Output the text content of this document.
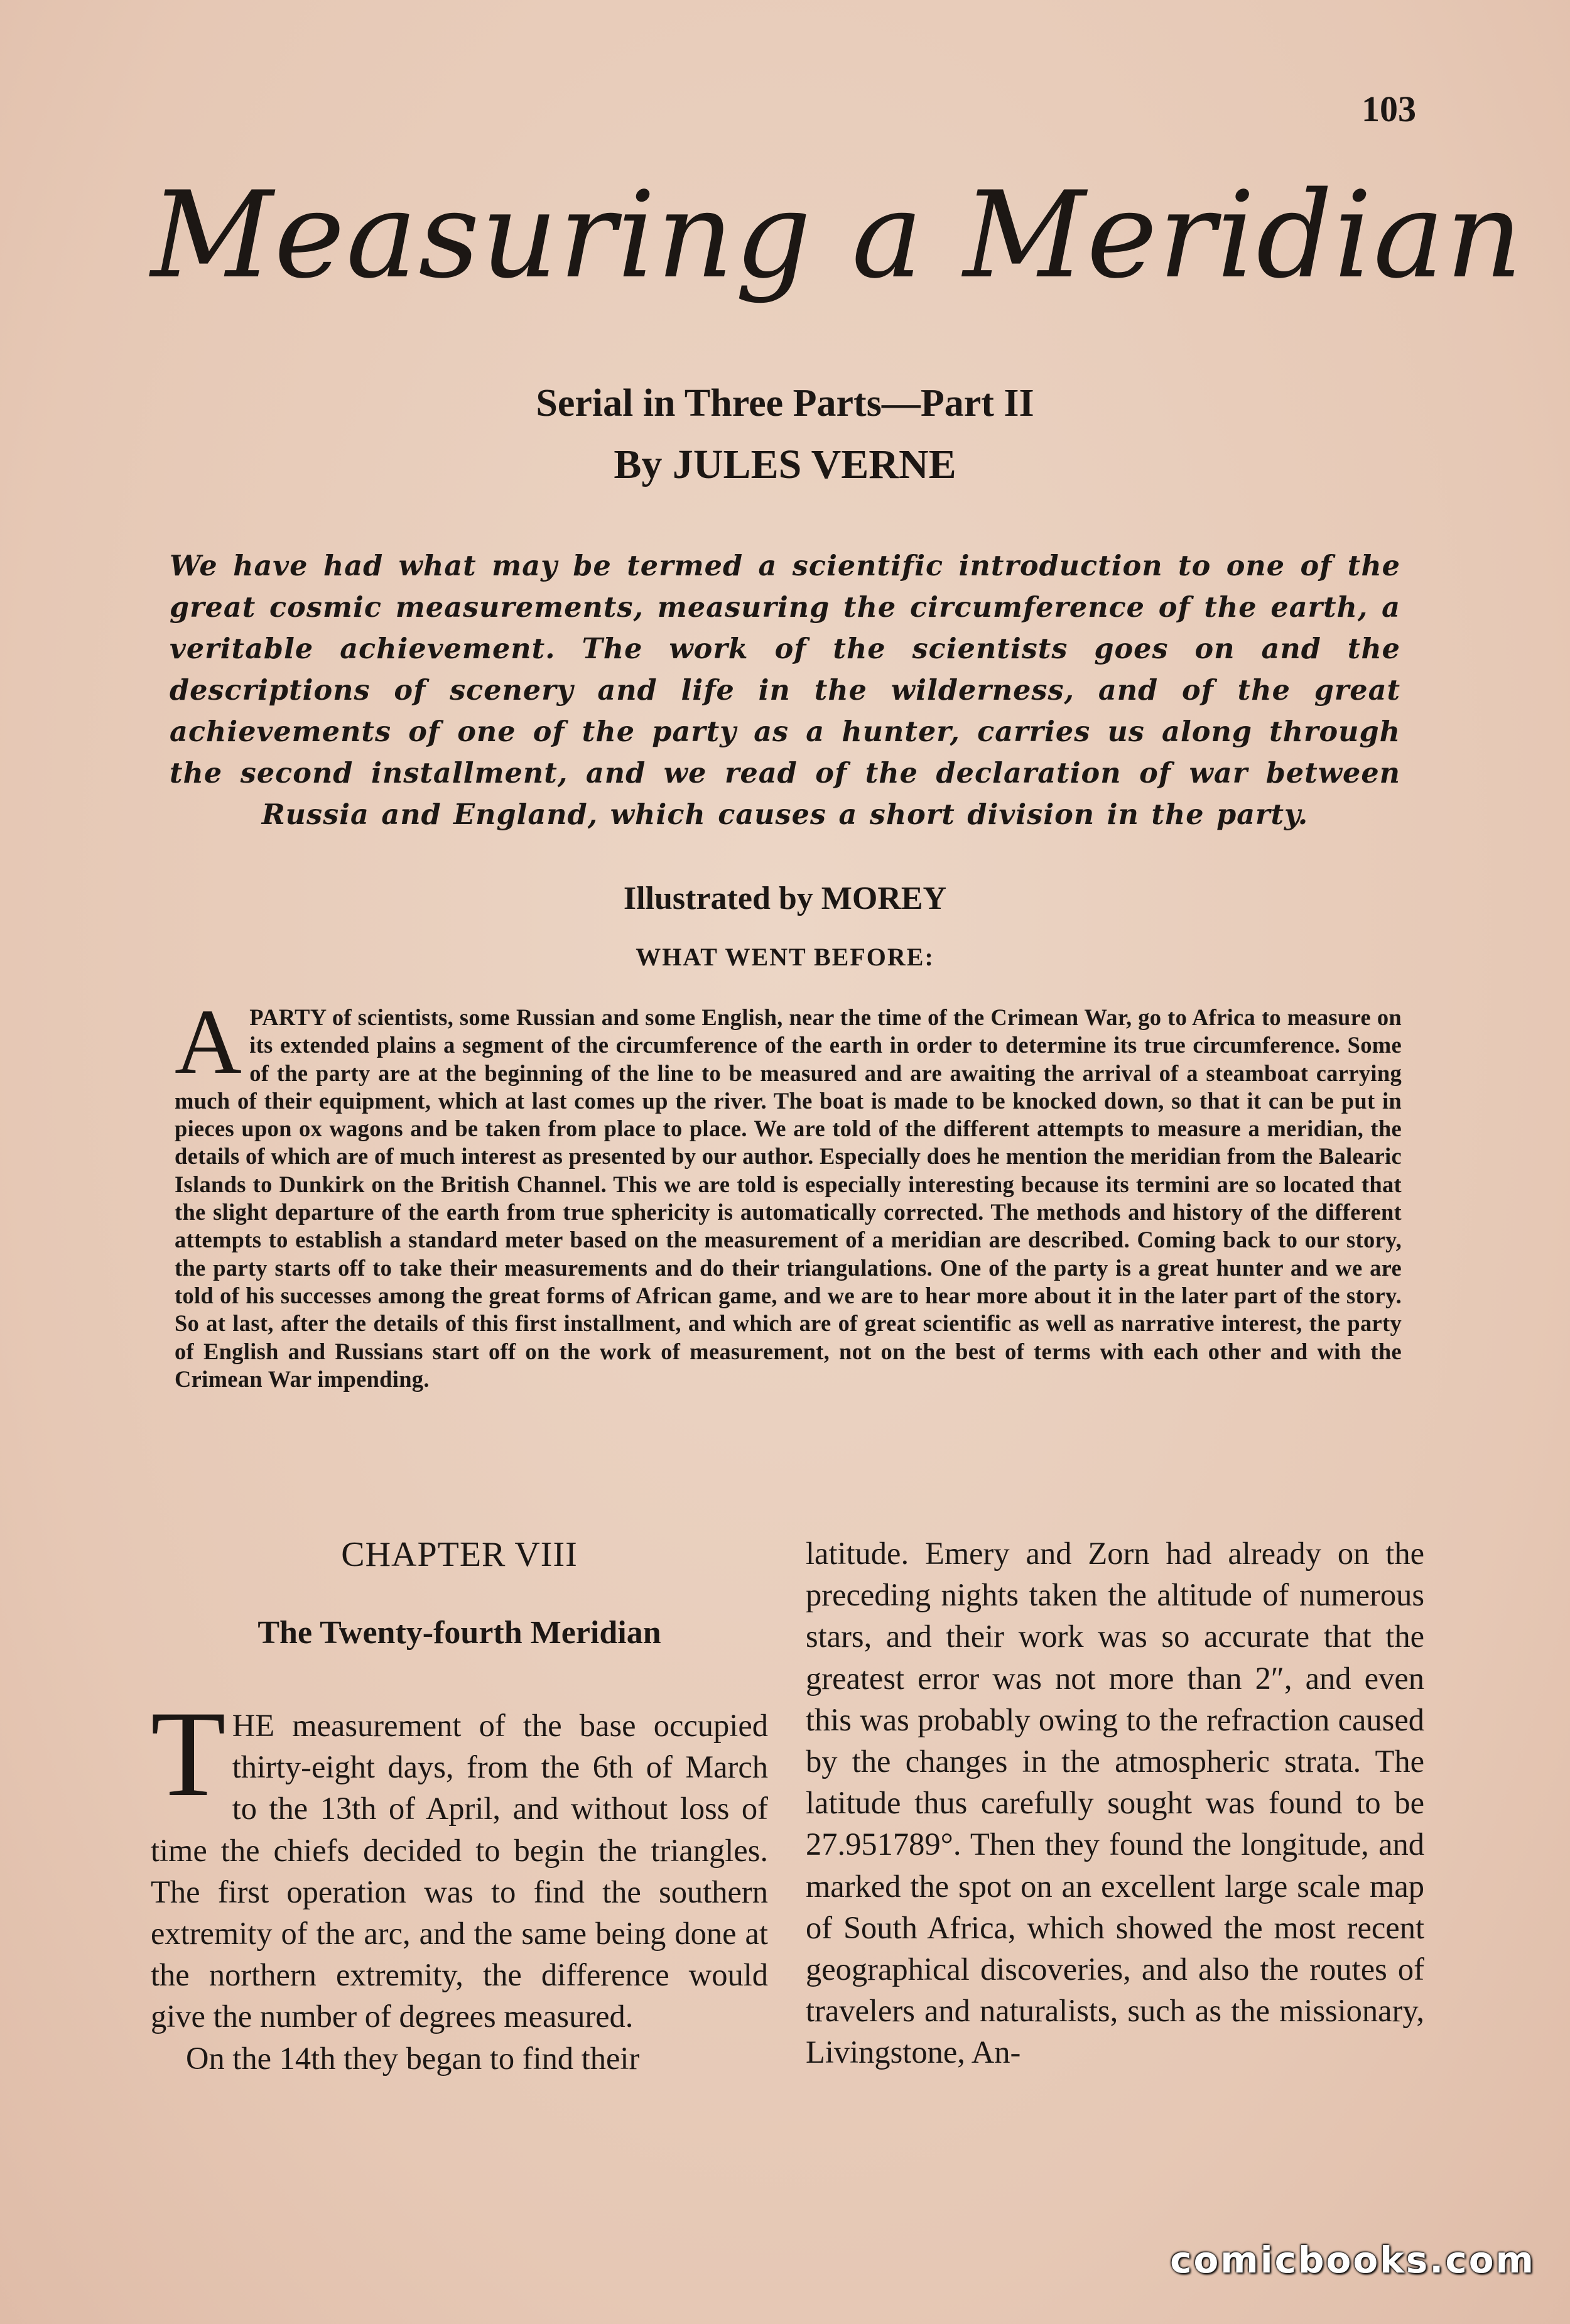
103
Measuring a Meridian
Serial in Three Parts—Part II
By JULES VERNE
We have had what may be termed a scientific introduction to one of the great cosmic measurements, measuring the circumference of the earth, a veritable achievement. The work of the scientists goes on and the descriptions of scenery and life in the wilderness, and of the great achievements of one of the party as a hunter, carries us along through the second installment, and we read of the declaration of war between Russia and England, which causes a short division in the party.
Illustrated by MOREY
WHAT WENT BEFORE:
APARTY of scientists, some Russian and some English, near the time of the Crimean War, go to Africa to measure on its extended plains a segment of the circumference of the earth in order to determine its true circumference. Some of the party are at the beginning of the line to be measured and are awaiting the arrival of a steamboat carrying much of their equipment, which at last comes up the river. The boat is made to be knocked down, so that it can be put in pieces upon ox wagons and be taken from place to place. We are told of the different attempts to measure a meridian, the details of which are of much interest as presented by our author. Especially does he mention the meridian from the Balearic Islands to Dunkirk on the British Channel. This we are told is especially interesting because its termini are so located that the slight departure of the earth from true sphericity is automatically corrected. The methods and history of the different attempts to establish a standard meter based on the measurement of a meridian are described. Coming back to our story, the party starts off to take their measurements and do their triangulations. One of the party is a great hunter and we are told of his successes among the great forms of African game, and we are to hear more about it in the later part of the story. So at last, after the details of this first installment, and which are of great scientific as well as narrative interest, the party of English and Russians start off on the work of measurement, not on the best of terms with each other and with the Crimean War impending.
CHAPTER VIII
The Twenty-fourth Meridian

THE measurement of the base occupied thirty-eight days, from the 6th of March to the 13th of April, and without loss of time the chiefs decided to begin the triangles. The first operation was to find the southern extremity of the arc, and the same being done at the northern extremity, the difference would give the number of degrees measured.

On the 14th they began to find their

latitude. Emery and Zorn had already on the preceding nights taken the altitude of numerous stars, and their work was so accurate that the greatest error was not more than 2″, and even this was probably owing to the refraction caused by the changes in the atmospheric strata. The latitude thus carefully sought was found to be 27.951789°. Then they found the longitude, and marked the spot on an excellent large scale map of South Africa, which showed the most recent geographical discoveries, and also the routes of travelers and naturalists, such as the missionary, Livingstone, An-

comicbooks.com
